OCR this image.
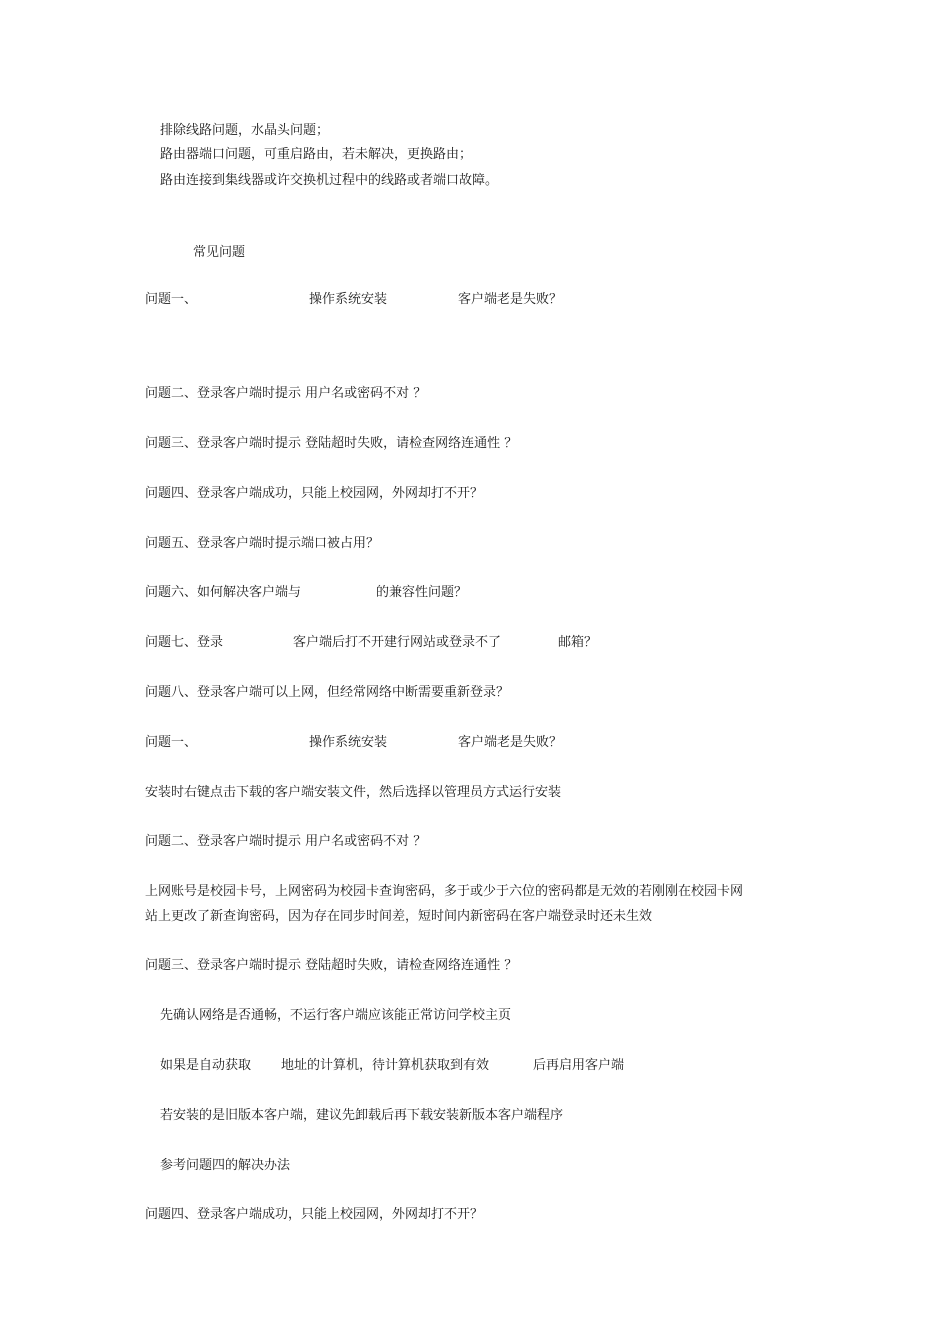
排除线路问题，水晶头问题；
路由器端口问题，可重启路由，若未解决，更换路由；
路由连接到集线器或许交换机过程中的线路或者端口故障。
常见问题
问题一、	操作系统安装	客户端老是失败？
问题二、登录客户端时提示 用户名或密码不对 ？
问题三、登录客户端时提示 登陆超时失败，请检查网络连通性 ？
问题四、登录客户端成功，只能上校园网，外网却打不开？
问题五、登录客户端时提示端口被占用？
问题六、如何解决客户端与	的兼容性问题？
问题七、登录	客户端后打不开建行网站或登录不了	邮箱？
问题八、登录客户端可以上网，但经常网络中断需要重新登录？
问题一、	操作系统安装	客户端老是失败？
安装时右键点击下载的客户端安装文件，然后选择以管理员方式运行安装
问题二、登录客户端时提示 用户名或密码不对 ？
上网账号是校园卡号，上网密码为校园卡查询密码，多于或少于六位的密码都是无效的若刚刚在校园卡网
站上更改了新查询密码，因为存在同步时间差，短时间内新密码在客户端登录时还未生效
问题三、登录客户端时提示 登陆超时失败，请检查网络连通性 ？
先确认网络是否通畅，不运行客户端应该能正常访问学校主页
如果是自动获取 地址的计算机，待计算机获取到有效	后再启用客户端
若安装的是旧版本客户端，建议先卸载后再下载安装新版本客户端程序
参考问题四的解决办法
问题四、登录客户端成功，只能上校园网，外网却打不开？
